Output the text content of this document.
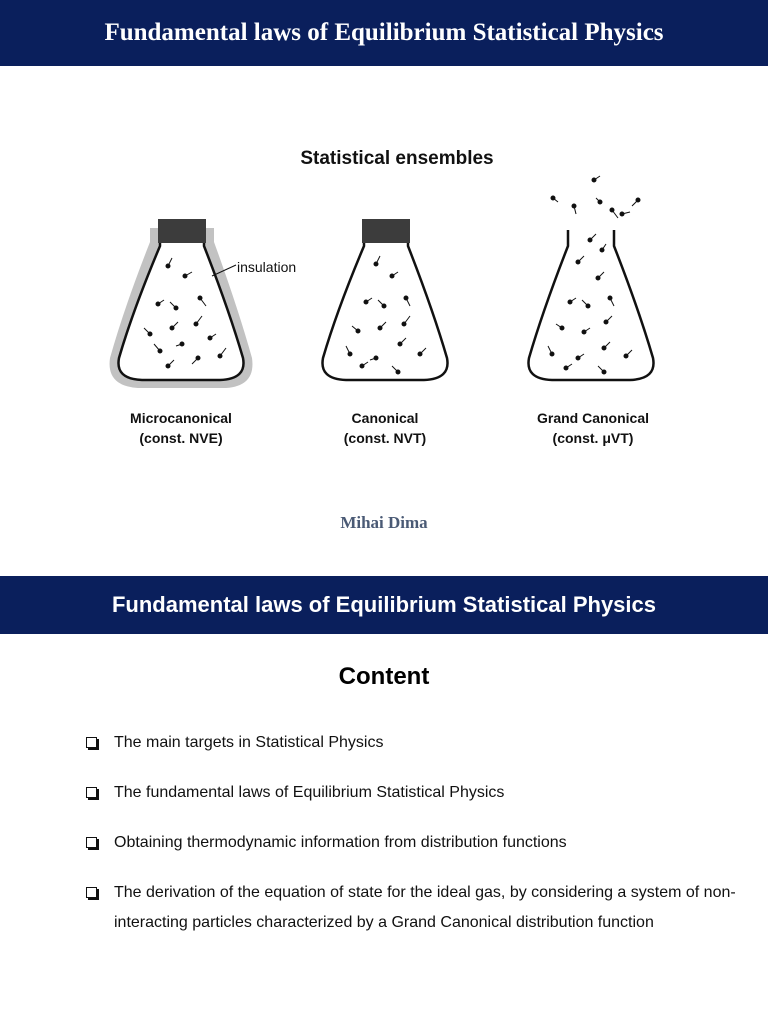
Fundamental laws of Equilibrium Statistical Physics
Statistical ensembles
insulation
Microcanonical
(const. NVE)
Canonical
(const. NVT)
Grand Canonical
(const. μVT)
Mihai Dima
Fundamental laws of Equilibrium Statistical Physics
Content
The main targets in Statistical Physics
The fundamental laws of Equilibrium Statistical Physics
Obtaining thermodynamic information from distribution functions
The derivation of the equation of state for the ideal gas, by considering a system of non-interacting particles characterized by a Grand Canonical distribution function
